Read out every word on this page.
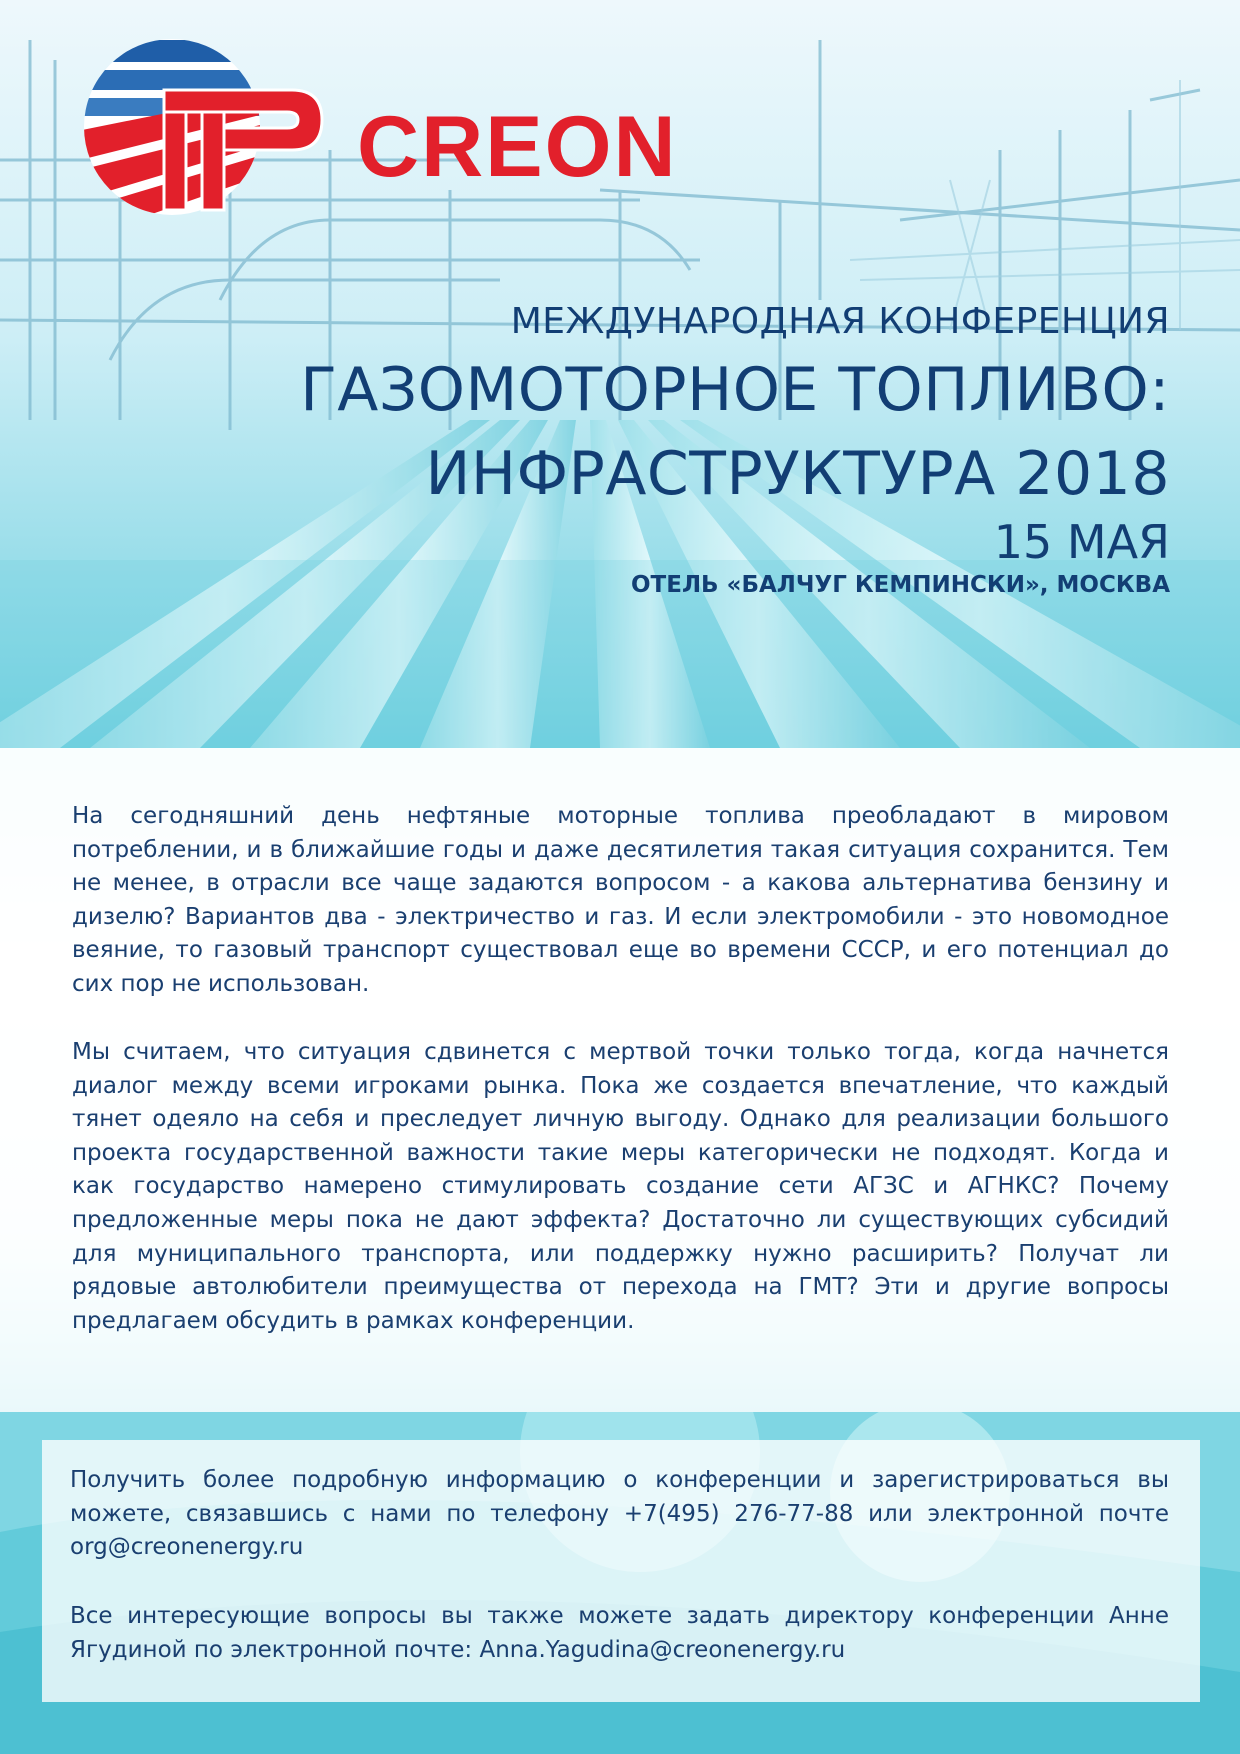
CREON
МЕЖДУНАРОДНАЯ КОНФЕРЕНЦИЯ
ГАЗОМОТОРНОЕ ТОПЛИВО:
ИНФРАСТРУКТУРА 2018
15 МАЯ
ОТЕЛЬ «БАЛЧУГ КЕМПИНСКИ», МОСКВА

На сегодняшний день нефтяные моторные топлива преобладают в мировом потреблении, и в ближайшие годы и даже десятилетия такая ситуация сохранится. Тем не менее, в отрасли все чаще задаются вопросом - а какова альтернатива бензину и дизелю? Вариантов два - электричество и газ. И если электромобили - это новомодное веяние, то газовый транспорт существовал еще во времени СССР, и его потенциал до сих пор не использован.

Мы считаем, что ситуация сдвинется с мертвой точки только тогда, когда начнется диалог между всеми игроками рынка. Пока же создается впечатление, что каждый тянет одеяло на себя и преследует личную выгоду. Однако для реализации большого проекта государственной важности такие меры категорически не подходят. Когда и как государство намерено стимулировать создание сети АГЗС и АГНКС? Почему предложенные меры пока не дают эффекта? Достаточно ли существующих субсидий для муниципального транспорта, или поддержку нужно расширить? Получат ли рядовые автолюбители преимущества от перехода на ГМТ? Эти и другие вопросы предлагаем обсудить в рамках конференции.

Получить более подробную информацию о конференции и зарегистрироваться вы можете, связавшись с нами по телефону +7(495) 276-77-88 или электронной почте org@creonenergy.ru

Все интересующие вопросы вы также можете задать директору конференции Анне Ягудиной по электронной почте: Anna.Yagudina@creonenergy.ru
